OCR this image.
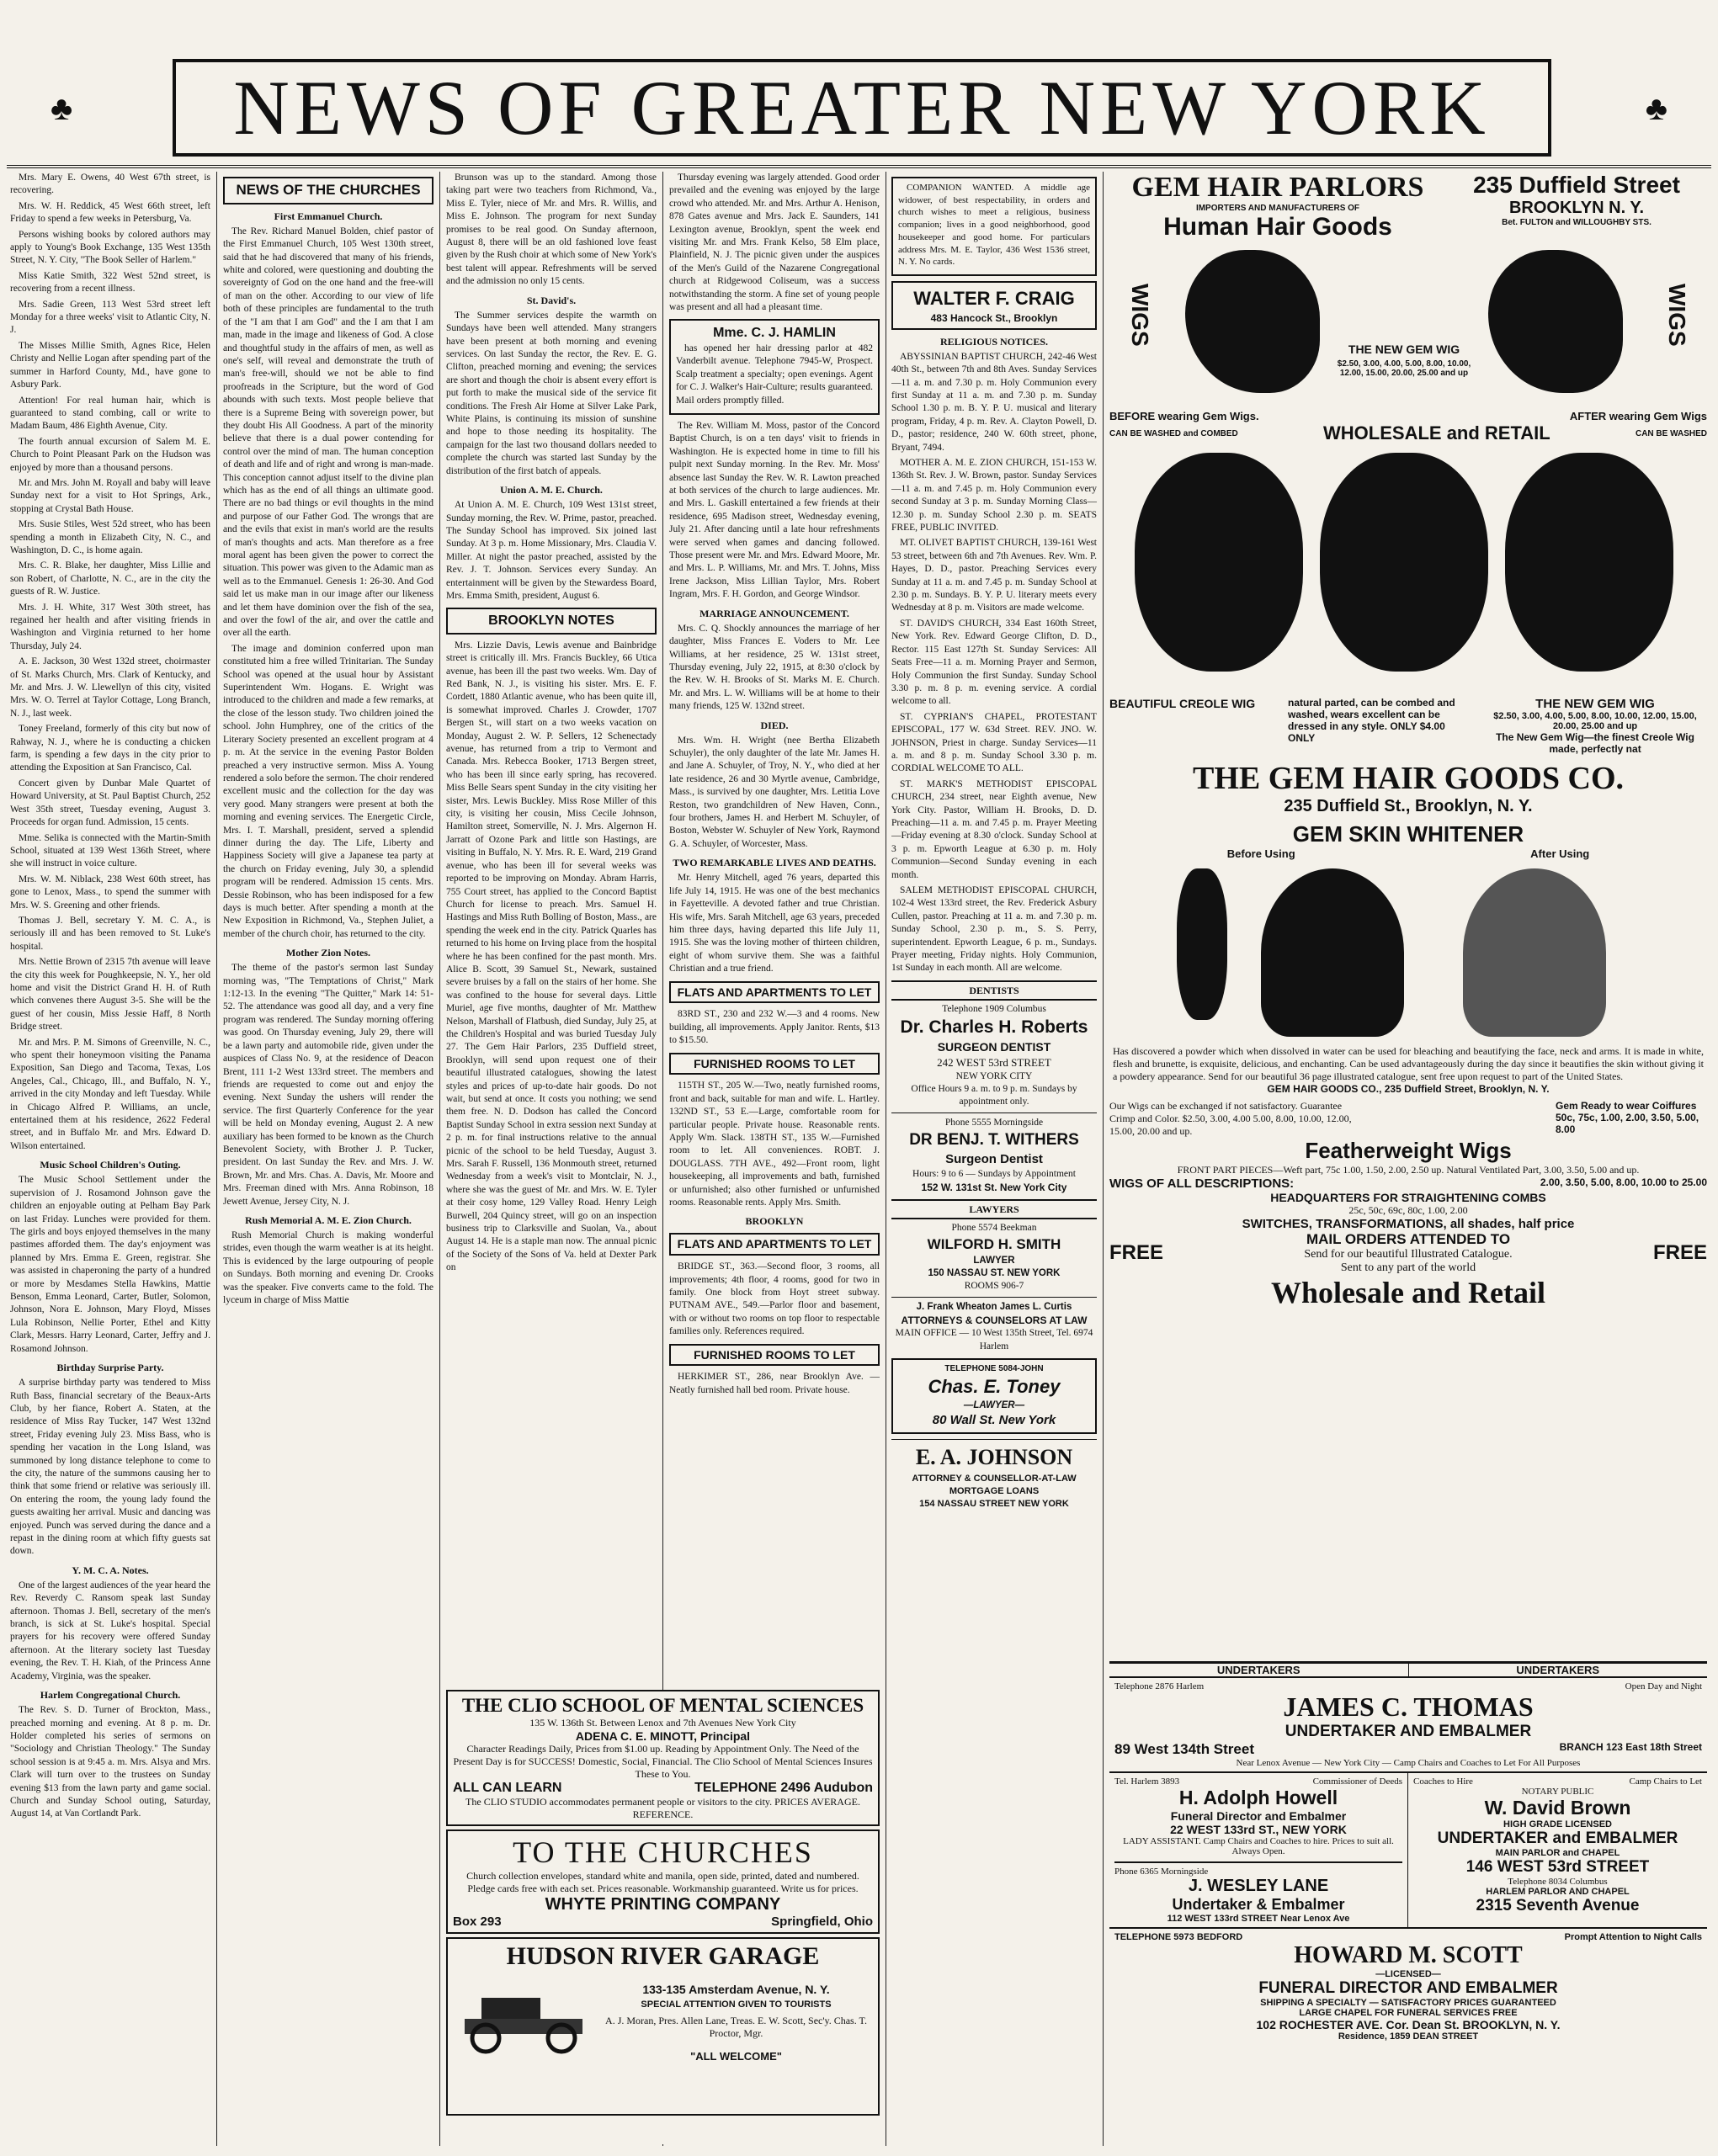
♣	♣
NEWS OF GREATER NEW YORK

Mrs. Mary E. Owens, 40 West 67th street, is recovering.

Mrs. W. H. Reddick, 45 West 66th street, left Friday to spend a few weeks in Petersburg, Va.

Persons wishing books by colored authors may apply to Young's Book Exchange, 135 West 135th Street, N. Y. City, "The Book Seller of Harlem."

Miss Katie Smith, 322 West 52nd street, is recovering from a recent illness.

Mrs. Sadie Green, 113 West 53rd street left Monday for a three weeks' visit to Atlantic City, N. J.

The Misses Millie Smith, Agnes Rice, Helen Christy and Nellie Logan after spending part of the summer in Harford County, Md., have gone to Asbury Park.

Attention! For real human hair, which is guaranteed to stand combing, call or write to Madam Baum, 486 Eighth Avenue, City.

The fourth annual excursion of Salem M. E. Church to Point Pleasant Park on the Hudson was enjoyed by more than a thousand persons.

Mr. and Mrs. John M. Royall and baby will leave Sunday next for a visit to Hot Springs, Ark., stopping at Crystal Bath House.

Mrs. Susie Stiles, West 52d street, who has been spending a month in Elizabeth City, N. C., and Washington, D. C., is home again.

Mrs. C. R. Blake, her daughter, Miss Lillie and son Robert, of Charlotte, N. C., are in the city the guests of R. W. Justice.

Mrs. J. H. White, 317 West 30th street, has regained her health and after visiting friends in Washington and Virginia returned to her home Thursday, July 24.

A. E. Jackson, 30 West 132d street, choirmaster of St. Marks Church, Mrs. Clark of Kentucky, and Mr. and Mrs. J. W. Llewellyn of this city, visited Mrs. W. O. Terrel at Taylor Cottage, Long Branch, N. J., last week.

Toney Freeland, formerly of this city but now of Rahway, N. J., where he is conducting a chicken farm, is spending a few days in the city prior to attending the Exposition at San Francisco, Cal.

Concert given by Dunbar Male Quartet of Howard University, at St. Paul Baptist Church, 252 West 35th street, Tuesday evening, August 3. Proceeds for organ fund. Admission, 15 cents.

Mme. Selika is connected with the Martin-Smith School, situated at 139 West 136th Street, where she will instruct in voice culture.

Mrs. W. M. Niblack, 238 West 60th street, has gone to Lenox, Mass., to spend the summer with Mrs. W. S. Greening and other friends.

Thomas J. Bell, secretary Y. M. C. A., is seriously ill and has been removed to St. Luke's hospital.

Mrs. Nettie Brown of 2315 7th avenue will leave the city this week for Poughkeepsie, N. Y., her old home and visit the District Grand H. H. of Ruth which convenes there August 3-5. She will be the guest of her cousin, Miss Jessie Haff, 8 North Bridge street.

Mr. and Mrs. P. M. Simons of Greenville, N. C., who spent their honeymoon visiting the Panama Exposition, San Diego and Tacoma, Texas, Los Angeles, Cal., Chicago, Ill., and Buffalo, N. Y., arrived in the city Monday and left Tuesday. While in Chicago Alfred P. Williams, an uncle, entertained them at his residence, 2622 Federal street, and in Buffalo Mr. and Mrs. Edward D. Wilson entertained.

Music School Children's Outing.

The Music School Settlement under the supervision of J. Rosamond Johnson gave the children an enjoyable outing at Pelham Bay Park on last Friday. Lunches were provided for them. The girls and boys enjoyed themselves in the many pastimes afforded them. The day's enjoyment was planned by Mrs. Emma E. Green, registrar. She was assisted in chaperoning the party of a hundred or more by Mesdames Stella Hawkins, Mattie Benson, Emma Leonard, Carter, Butler, Solomon, Johnson, Nora E. Johnson, Mary Floyd, Misses Lula Robinson, Nellie Porter, Ethel and Kitty Clark, Messrs. Harry Leonard, Carter, Jeffry and J. Rosamond Johnson.

Birthday Surprise Party.

A surprise birthday party was tendered to Miss Ruth Bass, financial secretary of the Beaux-Arts Club, by her fiance, Robert A. Staten, at the residence of Miss Ray Tucker, 147 West 132nd street, Friday evening July 23. Miss Bass, who is spending her vacation in the Long Island, was summoned by long distance telephone to come to the city, the nature of the summons causing her to think that some friend or relative was seriously ill. On entering the room, the young lady found the guests awaiting her arrival. Music and dancing was enjoyed. Punch was served during the dance and a repast in the dining room at which fifty guests sat down.

Y. M. C. A. Notes.

One of the largest audiences of the year heard the Rev. Reverdy C. Ransom speak last Sunday afternoon. Thomas J. Bell, secretary of the men's branch, is sick at St. Luke's hospital. Special prayers for his recovery were offered Sunday afternoon. At the literary society last Tuesday evening, the Rev. T. H. Kiah, of the Princess Anne Academy, Virginia, was the speaker.

Harlem Congregational Church.

The Rev. S. D. Turner of Brockton, Mass., preached morning and evening. At 8 p. m. Dr. Holder completed his series of sermons on "Sociology and Christian Theology." The Sunday school session is at 9:45 a. m. Mrs. Alsya and Mrs. Clark will turn over to the trustees on Sunday evening $13 from the lawn party and game social. Church and Sunday School outing, Saturday, August 14, at Van Cortlandt Park.

NEWS OF THE CHURCHES
First Emmanuel Church.

The Rev. Richard Manuel Bolden, chief pastor of the First Emmanuel Church, 105 West 130th street, said that he had discovered that many of his friends, white and colored, were questioning and doubting the sovereignty of God on the one hand and the free-will of man on the other. According to our view of life both of these principles are fundamental to the truth of the "I am that I am God" and the I am that I am man, made in the image and likeness of God. A close and thoughtful study in the affairs of men, as well as one's self, will reveal and demonstrate the truth of man's free-will, should we not be able to find proofreads in the Scripture, but the word of God abounds with such texts. Most people believe that there is a Supreme Being with sovereign power, but they doubt His All Goodness. A part of the minority believe that there is a dual power contending for control over the mind of man. The human conception of death and life and of right and wrong is man-made. This conception cannot adjust itself to the divine plan which has as the end of all things an ultimate good. There are no bad things or evil thoughts in the mind and purpose of our Father God. The wrongs that are and the evils that exist in man's world are the results of man's thoughts and acts. Man therefore as a free moral agent has been given the power to correct the situation. This power was given to the Adamic man as well as to the Emmanuel. Genesis 1: 26-30. And God said let us make man in our image after our likeness and let them have dominion over the fish of the sea, and over the fowl of the air, and over the cattle and over all the earth.

The image and dominion conferred upon man constituted him a free willed Trinitarian. The Sunday School was opened at the usual hour by Assistant Superintendent Wm. Hogans. E. Wright was introduced to the children and made a few remarks, at the close of the lesson study. Two children joined the school. John Humphrey, one of the critics of the Literary Society presented an excellent program at 4 p. m. At the service in the evening Pastor Bolden preached a very instructive sermon. Miss A. Young rendered a solo before the sermon. The choir rendered excellent music and the collection for the day was very good. Many strangers were present at both the morning and evening services. The Energetic Circle, Mrs. I. T. Marshall, president, served a splendid dinner during the day. The Life, Liberty and Happiness Society will give a Japanese tea party at the church on Friday evening, July 30, a splendid program will be rendered. Admission 15 cents. Mrs. Dessie Robinson, who has been indisposed for a few days is much better. After spending a month at the New Exposition in Richmond, Va., Stephen Juliet, a member of the church choir, has returned to the city.

Mother Zion Notes.

The theme of the pastor's sermon last Sunday morning was, "The Temptations of Christ," Mark 1:12-13. In the evening "The Quitter," Mark 14: 51-52. The attendance was good all day, and a very fine program was rendered. The Sunday morning offering was good. On Thursday evening, July 29, there will be a lawn party and automobile ride, given under the auspices of Class No. 9, at the residence of Deacon Brent, 111 1-2 West 133rd street. The members and friends are requested to come out and enjoy the evening. Next Sunday the ushers will render the service. The first Quarterly Conference for the year will be held on Monday evening, August 2. A new auxiliary has been formed to be known as the Church Benevolent Society, with Brother J. P. Tucker, president. On last Sunday the Rev. and Mrs. J. W. Brown, Mr. and Mrs. Chas. A. Davis, Mr. Moore and Mrs. Freeman dined with Mrs. Anna Robinson, 18 Jewett Avenue, Jersey City, N. J.

Rush Memorial A. M. E. Zion Church.

Rush Memorial Church is making wonderful strides, even though the warm weather is at its height. This is evidenced by the large outpouring of people on Sundays. Both morning and evening Dr. Crooks was the speaker. Five converts came to the fold. The lyceum in charge of Miss Mattie

Brunson was up to the standard. Among those taking part were two teachers from Richmond, Va., Miss E. Tyler, niece of Mr. and Mrs. R. Willis, and Miss E. Johnson. The program for next Sunday promises to be real good. On Sunday afternoon, August 8, there will be an old fashioned love feast given by the Rush choir at which some of New York's best talent will appear. Refreshments will be served and the admission no only 15 cents.

St. David's.

The Summer services despite the warmth on Sundays have been well attended. Many strangers have been present at both morning and evening services. On last Sunday the rector, the Rev. E. G. Clifton, preached morning and evening; the services are short and though the choir is absent every effort is put forth to make the musical side of the service fit conditions. The Fresh Air Home at Silver Lake Park, White Plains, is continuing its mission of sunshine and hope to those needing its hospitality. The campaign for the last two thousand dollars needed to complete the church was started last Sunday by the distribution of the first batch of appeals.

Union A. M. E. Church.

At Union A. M. E. Church, 109 West 131st street, Sunday morning, the Rev. W. Prime, pastor, preached. The Sunday School has improved. Six joined last Sunday. At 3 p. m. Home Missionary, Mrs. Claudia V. Miller. At night the pastor preached, assisted by the Rev. J. T. Johnson. Services every Sunday. An entertainment will be given by the Stewardess Board, Mrs. Emma Smith, president, August 6.

BROOKLYN NOTES

Mrs. Lizzie Davis, Lewis avenue and Bainbridge street is critically ill. Mrs. Francis Buckley, 66 Utica avenue, has been ill the past two weeks. Wm. Day of Red Bank, N. J., is visiting his sister. Mrs. E. F. Cordett, 1880 Atlantic avenue, who has been quite ill, is somewhat improved. Charles J. Crowder, 1707 Bergen St., will start on a two weeks vacation on Monday, August 2. W. P. Sellers, 12 Schenectady avenue, has returned from a trip to Vermont and Canada. Mrs. Rebecca Booker, 1713 Bergen street, who has been ill since early spring, has recovered. Miss Belle Sears spent Sunday in the city visiting her sister, Mrs. Lewis Buckley. Miss Rose Miller of this city, is visiting her cousin, Miss Cecile Johnson, Hamilton street, Somerville, N. J. Mrs. Algernon H. Jarratt of Ozone Park and little son Hastings, are visiting in Buffalo, N. Y. Mrs. R. E. Ward, 219 Grand avenue, who has been ill for several weeks was reported to be improving on Monday. Abram Harris, 755 Court street, has applied to the Concord Baptist Church for license to preach. Mrs. Samuel H. Hastings and Miss Ruth Bolling of Boston, Mass., are spending the week end in the city. Patrick Quarles has returned to his home on Irving place from the hospital where he has been confined for the past month. Mrs. Alice B. Scott, 39 Samuel St., Newark, sustained severe bruises by a fall on the stairs of her home. She was confined to the house for several days. Little Muriel, age five months, daughter of Mr. Matthew Nelson, Marshall of Flatbush, died Sunday, July 25, at the Children's Hospital and was buried Tuesday July 27. The Gem Hair Parlors, 235 Duffield street, Brooklyn, will send upon request one of their beautiful illustrated catalogues, showing the latest styles and prices of up-to-date hair goods. Do not wait, but send at once. It costs you nothing; we send them free. N. D. Dodson has called the Concord Baptist Sunday School in extra session next Sunday at 2 p. m. for final instructions relative to the annual picnic of the school to be held Tuesday, August 3. Mrs. Sarah F. Russell, 136 Monmouth street, returned Wednesday from a week's visit to Montclair, N. J., where she was the guest of Mr. and Mrs. W. E. Tyler at their cosy home, 129 Valley Road. Henry Leigh Burwell, 204 Quincy street, will go on an inspection business trip to Clarksville and Suolan, Va., about August 14. He is a staple man now. The annual picnic of the Society of the Sons of Va. held at Dexter Park on

Thursday evening was largely attended. Good order prevailed and the evening was enjoyed by the large crowd who attended. Mr. and Mrs. Arthur A. Henison, 878 Gates avenue and Mrs. Jack E. Saunders, 141 Lexington avenue, Brooklyn, spent the week end visiting Mr. and Mrs. Frank Kelso, 58 Elm place, Plainfield, N. J. The picnic given under the auspices of the Men's Guild of the Nazarene Congregational church at Ridgewood Coliseum, was a success notwithstanding the storm. A fine set of young people was present and all had a pleasant time.

Mme. C. J. HAMLIN

has opened her hair dressing parlor at 482 Vanderbilt avenue. Telephone 7945-W, Prospect. Scalp treatment a specialty; open evenings. Agent for C. J. Walker's Hair-Culture; results guaranteed. Mail orders promptly filled.

The Rev. William M. Moss, pastor of the Concord Baptist Church, is on a ten days' visit to friends in Washington. He is expected home in time to fill his pulpit next Sunday morning. In the Rev. Mr. Moss' absence last Sunday the Rev. W. R. Lawton preached at both services of the church to large audiences. Mr. and Mrs. L. Gaskill entertained a few friends at their residence, 695 Madison street, Wednesday evening, July 21. After dancing until a late hour refreshments were served when games and dancing followed. Those present were Mr. and Mrs. Edward Moore, Mr. and Mrs. L. P. Williams, Mr. and Mrs. T. Johns, Miss Irene Jackson, Miss Lillian Taylor, Mrs. Robert Ingram, Mrs. F. H. Gordon, and George Windsor.

MARRIAGE ANNOUNCEMENT.

Mrs. C. Q. Shockly announces the marriage of her daughter, Miss Frances E. Voders to Mr. Lee Williams, at her residence, 25 W. 131st street, Thursday evening, July 22, 1915, at 8:30 o'clock by the Rev. W. H. Brooks of St. Marks M. E. Church. Mr. and Mrs. L. W. Williams will be at home to their many friends, 125 W. 132nd street.

DIED.

Mrs. Wm. H. Wright (nee Bertha Elizabeth Schuyler), the only daughter of the late Mr. James H. and Jane A. Schuyler, of Troy, N. Y., who died at her late residence, 26 and 30 Myrtle avenue, Cambridge, Mass., is survived by one daughter, Mrs. Letitia Love Reston, two grandchildren of New Haven, Conn., four brothers, James H. and Herbert M. Schuyler, of Boston, Webster W. Schuyler of New York, Raymond G. A. Schuyler, of Worcester, Mass.

TWO REMARKABLE LIVES AND DEATHS.

Mr. Henry Mitchell, aged 76 years, departed this life July 14, 1915. He was one of the best mechanics in Fayetteville. A devoted father and true Christian. His wife, Mrs. Sarah Mitchell, age 63 years, preceded him three days, having departed this life July 11, 1915. She was the loving mother of thirteen children, eight of whom survive them. She was a faithful Christian and a true friend.

FLATS AND APARTMENTS TO LET

83RD ST., 230 and 232 W.—3 and 4 rooms. New building, all improvements. Apply Janitor. Rents, $13 to $15.50.

FURNISHED ROOMS TO LET

115TH ST., 205 W.—Two, neatly furnished rooms, front and back, suitable for man and wife. L. Hartley. 132ND ST., 53 E.—Large, comfortable room for particular people. Private house. Reasonable rents. Apply Wm. Slack. 138TH ST., 135 W.—Furnished room to let. All conveniences. ROBT. J. DOUGLASS. 7TH AVE., 492—Front room, light housekeeping, all improvements and bath, furnished or unfurnished; also other furnished or unfurnished rooms. Reasonable rents. Apply Mrs. Smith.

BROOKLYN
FLATS AND APARTMENTS TO LET

BRIDGE ST., 363.—Second floor, 3 rooms, all improvements; 4th floor, 4 rooms, good for two in family. One block from Hoyt street subway. PUTNAM AVE., 549.—Parlor floor and basement, with or without two rooms on top floor to respectable families only. References required.

FURNISHED ROOMS TO LET

HERKIMER ST., 286, near Brooklyn Ave. —Neatly furnished hall bed room. Private house.

THE CLIO SCHOOL OF MENTAL SCIENCES
135 W. 136th St. Between Lenox and 7th Avenues New York City
ADENA C. E. MINOTT, Principal
Character Readings Daily, Prices from $1.00 up. Reading by Appointment Only. The Need of the Present Day is for SUCCESS! Domestic, Social, Financial. The Clio School of Mental Sciences Insures These to You.
ALL CAN LEARN	TELEPHONE 2496 Audubon
The CLIO STUDIO accommodates permanent people or visitors to the city. PRICES AVERAGE. REFERENCE.
TO THE CHURCHES
Church collection envelopes, standard white and manila, open side, printed, dated and numbered. Pledge cards free with each set. Prices reasonable. Workmanship guaranteed. Write us for prices.
WHYTE PRINTING COMPANY
Box 293	Springfield, Ohio
HUDSON RIVER GARAGE
133-135 Amsterdam Avenue, N. Y.
SPECIAL ATTENTION GIVEN TO TOURISTS
A. J. Moran, Pres. Allen Lane, Treas. E. W. Scott, Sec'y. Chas. T. Proctor, Mgr.
"ALL WELCOME"

COMPANION WANTED. A middle age widower, of best respectability, in orders and church wishes to meet a religious, business companion; lives in a good neighborhood, good housekeeper and good home. For particulars address Mrs. M. E. Taylor, 436 West 1536 street, N. Y. No cards.

WALTER F. CRAIG
483 Hancock St., Brooklyn
RELIGIOUS NOTICES.

ABYSSINIAN BAPTIST CHURCH, 242-46 West 40th St., between 7th and 8th Aves. Sunday Services—11 a. m. and 7.30 p. m. Holy Communion every first Sunday at 11 a. m. and 7.30 p. m. Sunday School 1.30 p. m. B. Y. P. U. musical and literary program, Friday, 4 p. m. Rev. A. Clayton Powell, D. D., pastor; residence, 240 W. 60th street, phone, Bryant, 7494.

MOTHER A. M. E. ZION CHURCH, 151-153 W. 136th St. Rev. J. W. Brown, pastor. Sunday Services—11 a. m. and 7.45 p. m. Holy Communion every second Sunday at 3 p. m. Sunday Morning Class—12.30 p. m. Sunday School 2.30 p. m. SEATS FREE, PUBLIC INVITED.

MT. OLIVET BAPTIST CHURCH, 139-161 West 53 street, between 6th and 7th Avenues. Rev. Wm. P. Hayes, D. D., pastor. Preaching Services every Sunday at 11 a. m. and 7.45 p. m. Sunday School at 2.30 p. m. Sundays. B. Y. P. U. literary meets every Wednesday at 8 p. m. Visitors are made welcome.

ST. DAVID'S CHURCH, 334 East 160th Street, New York. Rev. Edward George Clifton, D. D., Rector. 115 East 127th St. Sunday Services: All Seats Free—11 a. m. Morning Prayer and Sermon, Holy Communion the first Sunday. Sunday School 3.30 p. m. 8 p. m. evening service. A cordial welcome to all.

ST. CYPRIAN'S CHAPEL, PROTESTANT EPISCOPAL, 177 W. 63d Street. REV. JNO. W. JOHNSON, Priest in charge. Sunday Services—11 a. m. and 8 p. m. Sunday School 3.30 p. m. CORDIAL WELCOME TO ALL.

ST. MARK'S METHODIST EPISCOPAL CHURCH, 234 street, near Eighth avenue, New York City. Pastor, William H. Brooks, D. D. Preaching—11 a. m. and 7.45 p. m. Prayer Meeting—Friday evening at 8.30 o'clock. Sunday School at 3 p. m. Epworth League at 6.30 p. m. Holy Communion—Second Sunday evening in each month.

SALEM METHODIST EPISCOPAL CHURCH, 102-4 West 133rd street, the Rev. Frederick Asbury Cullen, pastor. Preaching at 11 a. m. and 7.30 p. m. Sunday School, 2.30 p. m., S. S. Perry, superintendent. Epworth League, 6 p. m., Sundays. Prayer meeting, Friday nights. Holy Communion, 1st Sunday in each month. All are welcome.

DENTISTS
Telephone 1909 Columbus
Dr. Charles H. Roberts
SURGEON DENTIST
242 WEST 53rd STREET
NEW YORK CITY
Office Hours 9 a. m. to 9 p. m. Sundays by appointment only.
Phone 5555 Morningside
DR BENJ. T. WITHERS
Surgeon Dentist
Hours: 9 to 6 — Sundays by Appointment
152 W. 131st St. New York City
LAWYERS
Phone 5574 Beekman
WILFORD H. SMITH
LAWYER
150 NASSAU ST. NEW YORK
ROOMS 906-7
J. Frank Wheaton James L. Curtis
ATTORNEYS & COUNSELORS AT LAW
MAIN OFFICE — 10 West 135th Street, Tel. 6974 Harlem
TELEPHONE 5084-JOHN
Chas. E. Toney
—LAWYER—
80 Wall St. New York
E. A. JOHNSON
ATTORNEY & COUNSELLOR-AT-LAW
MORTGAGE LOANS
154 NASSAU STREET NEW YORK
GEM HAIR PARLORS
IMPORTERS AND MANUFACTURERS OF
Human Hair Goods
235 Duffield Street
BROOKLYN N. Y.
Bet. FULTON and WILLOUGHBY STS.
WIGS	WIGS
THE NEW GEM WIG
$2.50, 3.00, 4.00, 5.00, 8.00, 10.00, 12.00, 15.00, 20.00, 25.00 and up
BEFORE wearing Gem Wigs.	AFTER wearing Gem Wigs
CAN BE WASHED and COMBED	WHOLESALE and RETAIL	CAN BE WASHED
BEAUTIFUL CREOLE WIG	natural parted, can be combed and washed, wears excellent can be dressed in any style. ONLY $4.00 ONLY
THE NEW GEM WIG
$2.50, 3.00, 4.00, 5.00, 8.00, 10.00, 12.00, 15.00, 20.00, 25.00 and up
The New Gem Wig—the finest Creole Wig made, perfectly nat
THE GEM HAIR GOODS CO.
235 Duffield St., Brooklyn, N. Y.
GEM SKIN WHITENER
Before Using	After Using

Has discovered a powder which when dissolved in water can be used for bleaching and beautifying the face, neck and arms. It is made in white, flesh and brunette, is exquisite, delicious, and enchanting. Can be used advantageously during the day since it beautifies the skin without giving it a powdery appearance. Send for our beautiful 36 page illustrated catalogue, sent free upon request to part of the United States.

GEM HAIR GOODS CO., 235 Duffield Street, Brooklyn, N. Y.
Our Wigs can be exchanged if not satisfactory. Guarantee Crimp and Color. $2.50, 3.00, 4.00 5.00, 8.00, 10.00, 12.00, 15.00, 20.00 and up.
Gem Ready to wear Coiffures 50c, 75c, 1.00, 2.00, 3.50, 5.00, 8.00
Featherweight Wigs
FRONT PART PIECES—Weft part, 75c 1.00, 1.50, 2.00, 2.50 up. Natural Ventilated Part, 3.00, 3.50, 5.00 and up.
WIGS OF ALL DESCRIPTIONS:	2.00, 3.50, 5.00, 8.00, 10.00 to 25.00
HEADQUARTERS FOR STRAIGHTENING COMBS
25c, 50c, 69c, 80c, 1.00, 2.00
SWITCHES, TRANSFORMATIONS, all shades, half price
FREE
MAIL ORDERS ATTENDED TO
Send for our beautiful Illustrated Catalogue.
Sent to any part of the world
FREE
Wholesale and Retail
UNDERTAKERS	UNDERTAKERS
Telephone 2876 Harlem	Open Day and Night
JAMES C. THOMAS
UNDERTAKER AND EMBALMER
89 West 134th Street	BRANCH 123 East 18th Street
Near Lenox Avenue — New York City — Camp Chairs and Coaches to Let For All Purposes
Tel. Harlem 3893	Commissioner of Deeds
H. Adolph Howell
Funeral Director and Embalmer
22 WEST 133rd ST., NEW YORK
LADY ASSISTANT. Camp Chairs and Coaches to hire. Prices to suit all. Always Open.
Phone 6365 Morningside
J. WESLEY LANE
Undertaker & Embalmer
112 WEST 133rd STREET Near Lenox Ave
Coaches to Hire	Camp Chairs to Let
NOTARY PUBLIC
W. David Brown
HIGH GRADE LICENSED
UNDERTAKER and EMBALMER
MAIN PARLOR and CHAPEL
146 WEST 53rd STREET
Telephone 8034 Columbus
HARLEM PARLOR AND CHAPEL
2315 Seventh Avenue
TELEPHONE 5973 BEDFORD	Prompt Attention to Night Calls
HOWARD M. SCOTT
—LICENSED—
FUNERAL DIRECTOR AND EMBALMER
SHIPPING A SPECIALTY — SATISFACTORY PRICES GUARANTEED
LARGE CHAPEL FOR FUNERAL SERVICES FREE
102 ROCHESTER AVE. Cor. Dean St. BROOKLYN, N. Y.
Residence, 1859 DEAN STREET
